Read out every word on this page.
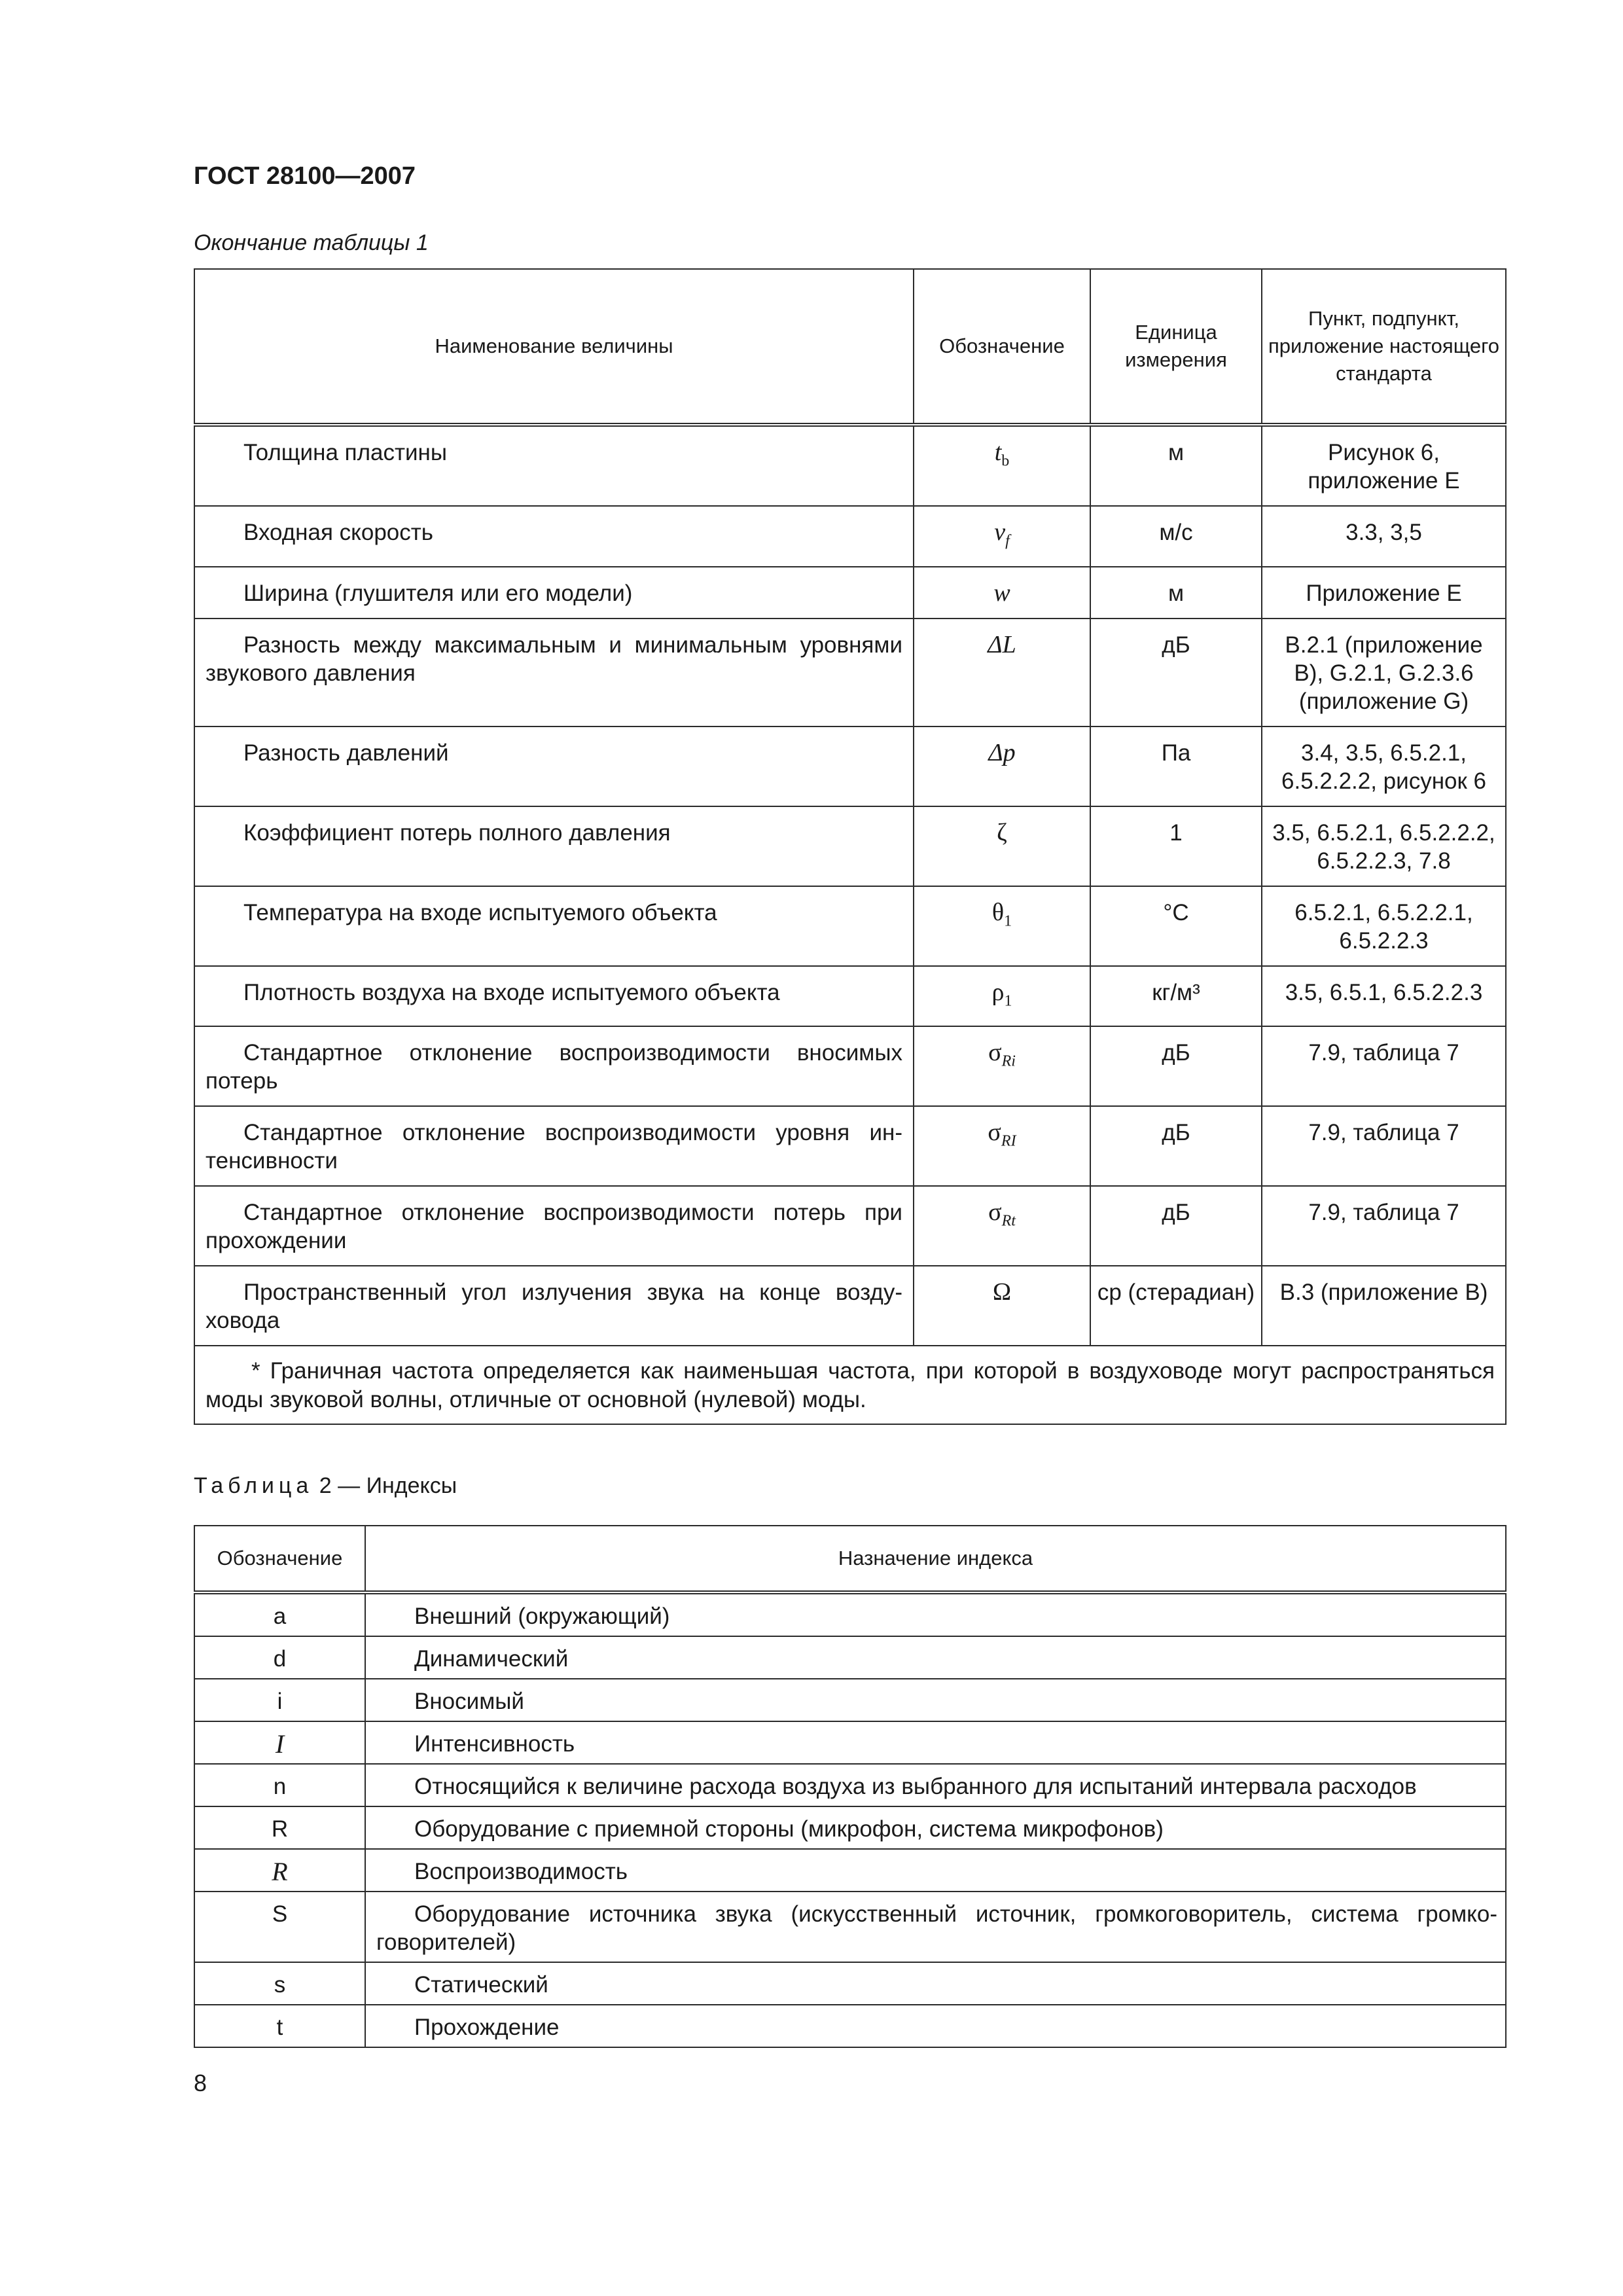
ГОСТ 28100—2007
Окончание таблицы 1
Наименование величины	Обозначение	Единица измерения	Пункт, подпункт, приложение настоящего стандарта

Толщина пластины	$t_b$	м	Рисунок 6, приложение Е

Входная скорость	$v_f$	м/с	3.3, 3,5

Ширина (глушителя или его модели)	w	м	Приложение Е

Разность между максимальным и минимальным уровнями звукового давления	ΔL	дБ	В.2.1 (приложение В), G.2.1, G.2.3.6 (приложение G)

Разность давлений	Δp	Па	3.4, 3.5, 6.5.2.1, 6.5.2.2.2, рисунок 6

Коэффициент потерь полного давления	ζ	1	3.5, 6.5.2.1, 6.5.2.2.2, 6.5.2.2.3, 7.8

Температура на входе испытуемого объекта	$\theta_1$	°С	6.5.2.1, 6.5.2.2.1, 6.5.2.2.3

Плотность воздуха на входе испытуемого объекта	$\rho_1$	кг/м³	3.5, 6.5.1, 6.5.2.2.3

Стандартное отклонение воспроизводимости вносимых потерь	$\sigma_{Ri}$	дБ	7.9, таблица 7

Стандартное отклонение воспроизводимости уровня интенсивности	$\sigma_{RI}$	дБ	7.9, таблица 7

Стандартное отклонение воспроизводимости потерь при прохождении	$\sigma_{Rt}$	дБ	7.9, таблица 7

Пространственный угол излучения звука на конце воздуховода	Ω	ср (стерадиан)	В.3 (приложение В)

* Граничная частота определяется как наименьшая частота, при которой в воздуховоде могут распространяться моды звуковой волны, отличные от основной (нулевой) моды.			
Таблица 2 — Индексы
Обозначение	Назначение индекса
a	Внешний (окружающий)

d	Динамический

i	Вносимый

I	Интенсивность

n	Относящийся к величине расхода воздуха из выбранного для испытаний интервала расходов

R	Оборудование с приемной стороны (микрофон, система микрофонов)

R	Воспроизводимость

S	Оборудование источника звука (искусственный источник, громкоговоритель, система громкоговорителей)

s	Статический

t	Прохождение
8
